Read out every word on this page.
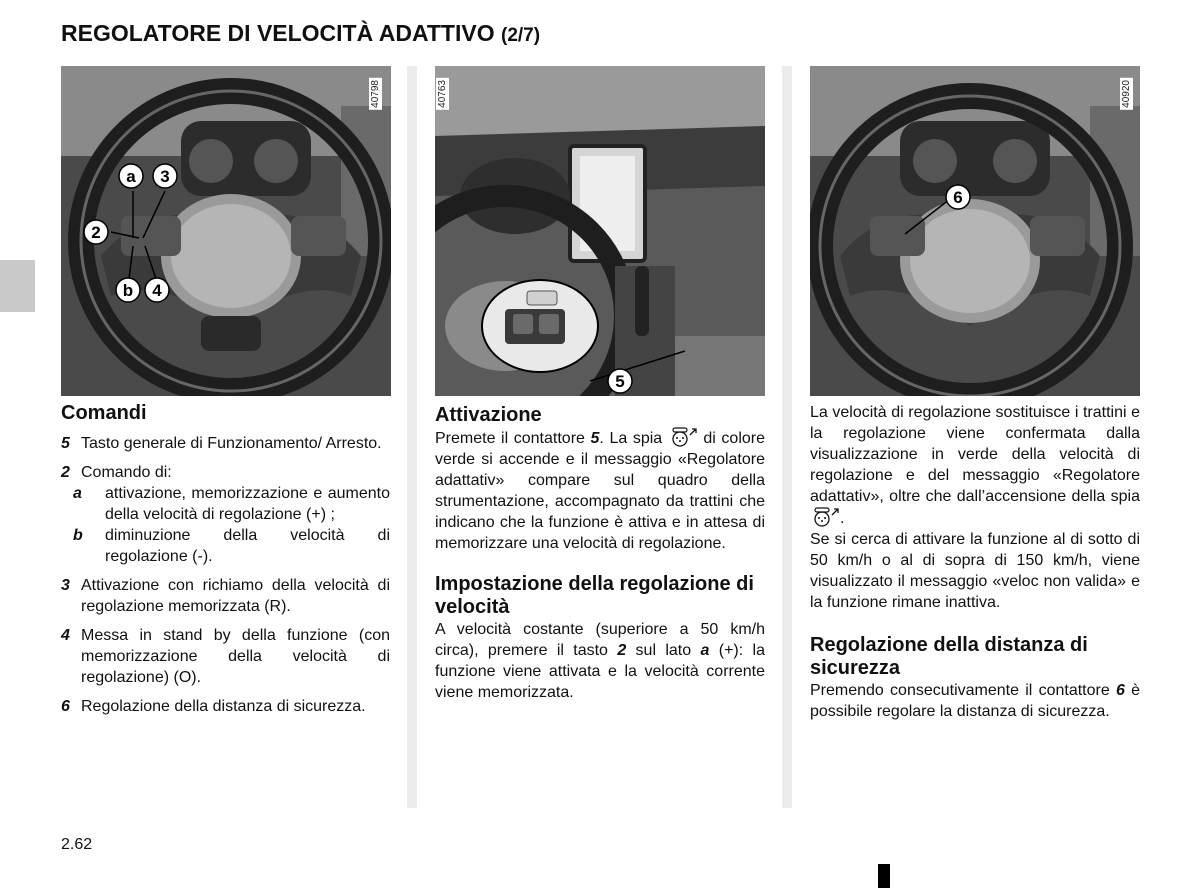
REGOLATORE DI VELOCITÀ ADATTIVO (2/7)
a 3
2
b 4
40798
5
40763
6
40920
Comandi
5 Tasto generale di Funzionamento/ Arresto.
2 Comando di:
a	attivazione, memorizzazione e aumento della velocità di regolazione (+) ;
b	diminuzione della velocità di regolazione (-).
3 Attivazione con richiamo della velocità di regolazione memorizzata (R).
4 Messa in stand by della funzione (con memorizzazione della velocità di regolazione) (O).
6 Regolazione della distanza di sicurezza.
Attivazione

Premete il contattore 5. La spia  di colore verde si accende e il messaggio «Regolatore adattativ» compare sul quadro della strumentazione, accompagnato da trattini che indicano che la funzione è attiva e in attesa di memorizzare una velocità di regolazione.

Impostazione della regolazione di velocità

A velocità costante (superiore a 50 km/h circa), premere il tasto 2 sul lato a (+): la funzione viene attivata e la velocità corrente viene memorizzata.

La velocità di regolazione sostituisce i trattini e la regolazione viene confermata dalla visualizzazione in verde della velocità di regolazione e del messaggio «Regolatore adattativ», oltre che dall’accensione della spia .

Se si cerca di attivare la funzione al di sotto di 50 km/h o al di sopra di 150 km/h, viene visualizzato il messaggio «veloc non valida» e la funzione rimane inattiva.

Regolazione della distanza di sicurezza

Premendo consecutivamente il contattore 6 è possibile regolare la distanza di sicurezza.

2.62
